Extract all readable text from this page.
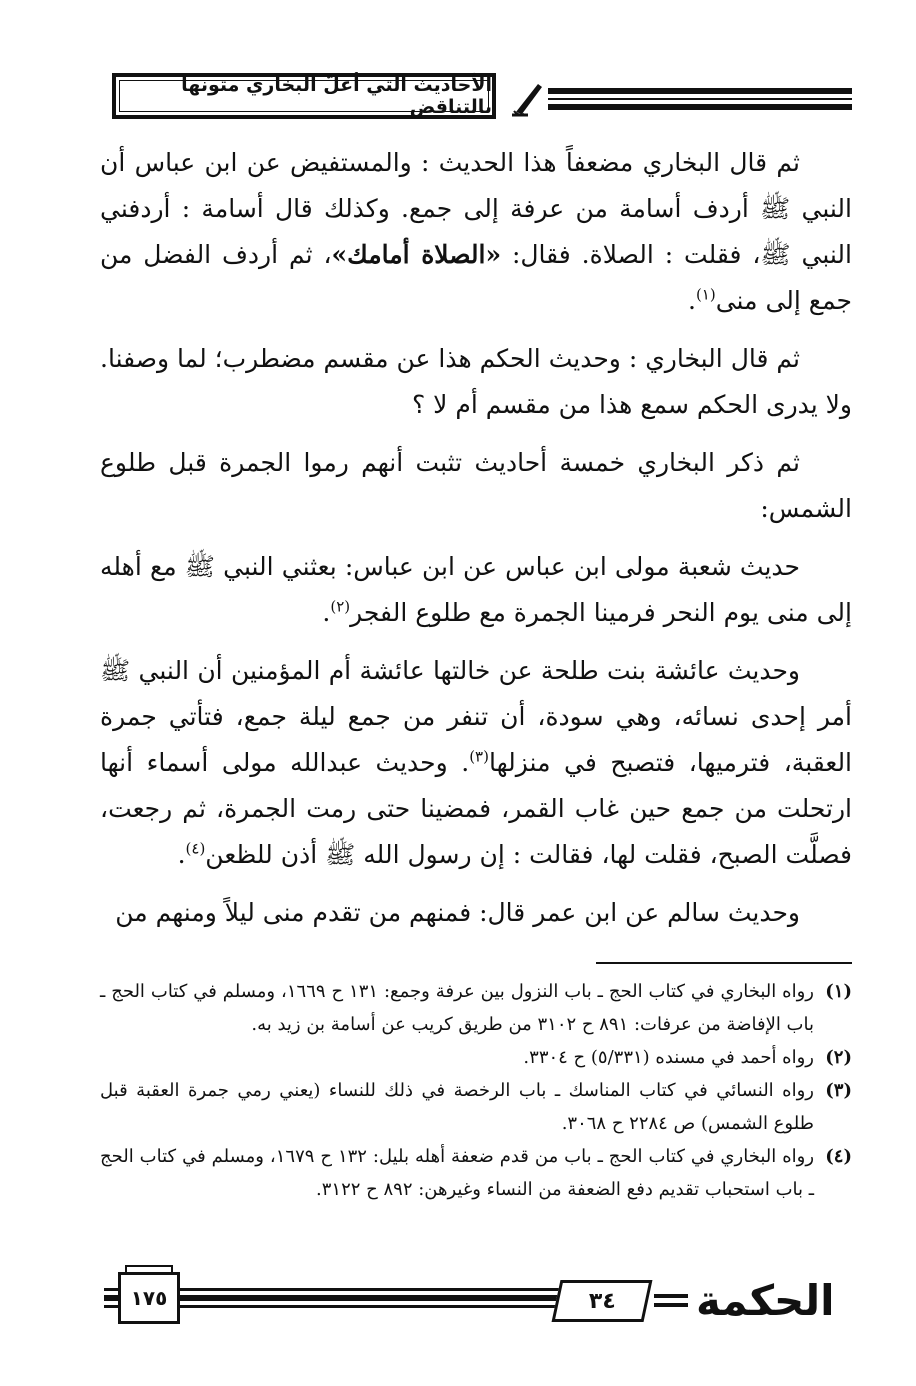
الأحاديث التي أعلّ البخاري متونها بالتناقض

ثم قال البخاري مضعفاً هذا الحديث : والمستفيض عن ابن عباس أن النبي ﷺ أردف أسامة من عرفة إلى جمع. وكذلك قال أسامة : أردفني النبي ﷺ، فقلت : الصلاة. فقال: «الصلاة أمامك»، ثم أردف الفضل من جمع إلى منى$^{(١)}$.

ثم قال البخاري : وحديث الحكم هذا عن مقسم مضطرب؛ لما وصفنا. ولا يدرى الحكم سمع هذا من مقسم أم لا ؟

ثم ذكر البخاري خمسة أحاديث تثبت أنهم رموا الجمرة قبل طلوع الشمس:

حديث شعبة مولى ابن عباس عن ابن عباس: بعثني النبي ﷺ مع أهله إلى منى يوم النحر فرمينا الجمرة مع طلوع الفجر$^{(٢)}$.

وحديث عائشة بنت طلحة عن خالتها عائشة أم المؤمنين أن النبي ﷺ أمر إحدى نسائه، وهي سودة، أن تنفر من جمع ليلة جمع، فتأتي جمرة العقبة، فترميها، فتصبح في منزلها$^{(٣)}$. وحديث عبدالله مولى أسماء أنها ارتحلت من جمع حين غاب القمر، فمضينا حتى رمت الجمرة، ثم رجعت، فصلَّت الصبح، فقلت لها، فقالت : إن رسول الله ﷺ أذن للظعن$^{(٤)}$.

وحديث سالم عن ابن عمر قال: فمنهم من تقدم منى ليلاً ومنهم من

(١)
رواه البخاري في كتاب الحج ـ باب النزول بين عرفة وجمع: ١٣١ ح ١٦٦٩، ومسلم في كتاب الحج ـ باب الإفاضة من عرفات: ٨٩١ ح ٣١٠٢ من طريق كريب عن أسامة بن زيد به.
(٢)
رواه أحمد في مسنده (٥/٣٣١) ح ٣٣٠٤.
(٣)
رواه النسائي في كتاب المناسك ـ باب الرخصة في ذلك للنساء (يعني رمي جمرة العقبة قبل طلوع الشمس) ص ٢٢٨٤ ح ٣٠٦٨.
(٤)
رواه البخاري في كتاب الحج ـ باب من قدم ضعفة أهله بليل: ١٣٢ ح ١٦٧٩، ومسلم في كتاب الحج ـ باب استحباب تقديم دفع الضعفة من النساء وغيرهن: ٨٩٢ ح ٣١٢٢.
١٧٥	٣٤ الحكمة
